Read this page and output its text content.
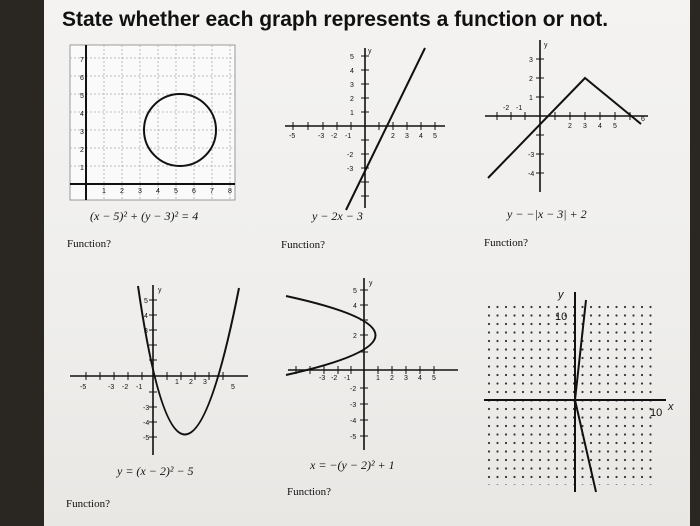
State whether each graph represents a function or not.
7
6
5
4
3
2
1
1 2 3 4 5 6 7 8
-5	-3 -2 -1	2 3 4 5
5
4
3
2
1
-2
-3
y
-2 -1
2 3 4 5
6
3
2
1
-3
-4
y
-5	-3 -2 -1
1 2 3
5
5
4
3
-3
-4
-5
y
-3 -2 -1	1 2 3 4 5
5
4
2
-2
-3
-4
-5
y
y
10
10 x
(x − 5)² + (y − 3)² = 4	y − 2x − 3	y − −|x − 3| + 2
y = (x − 2)² − 5	x = −(y − 2)² + 1
Function?	Function?	Function?
Function?
Function?
